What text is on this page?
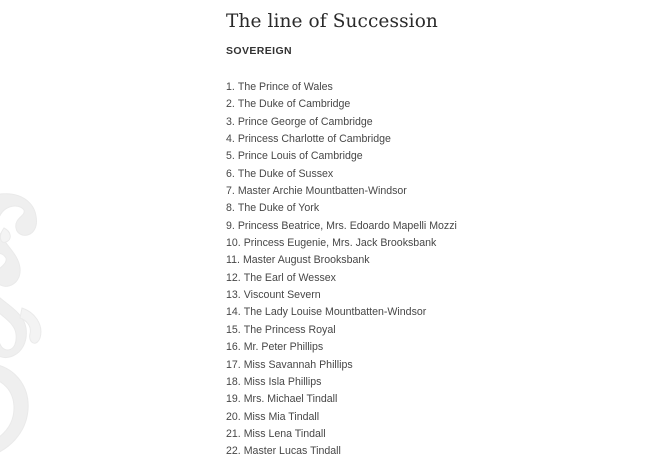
The line of Succession
SOVEREIGN
1. The Prince of Wales
2. The Duke of Cambridge
3. Prince George of Cambridge
4. Princess Charlotte of Cambridge
5. Prince Louis of Cambridge
6. The Duke of Sussex
7. Master Archie Mountbatten-Windsor
8. The Duke of York
9. Princess Beatrice, Mrs. Edoardo Mapelli Mozzi
10. Princess Eugenie, Mrs. Jack Brooksbank
11. Master August Brooksbank
12. The Earl of Wessex
13. Viscount Severn
14. The Lady Louise Mountbatten-Windsor
15. The Princess Royal
16. Mr. Peter Phillips
17. Miss Savannah Phillips
18. Miss Isla Phillips
19. Mrs. Michael Tindall
20. Miss Mia Tindall
21. Miss Lena Tindall
22. Master Lucas Tindall
